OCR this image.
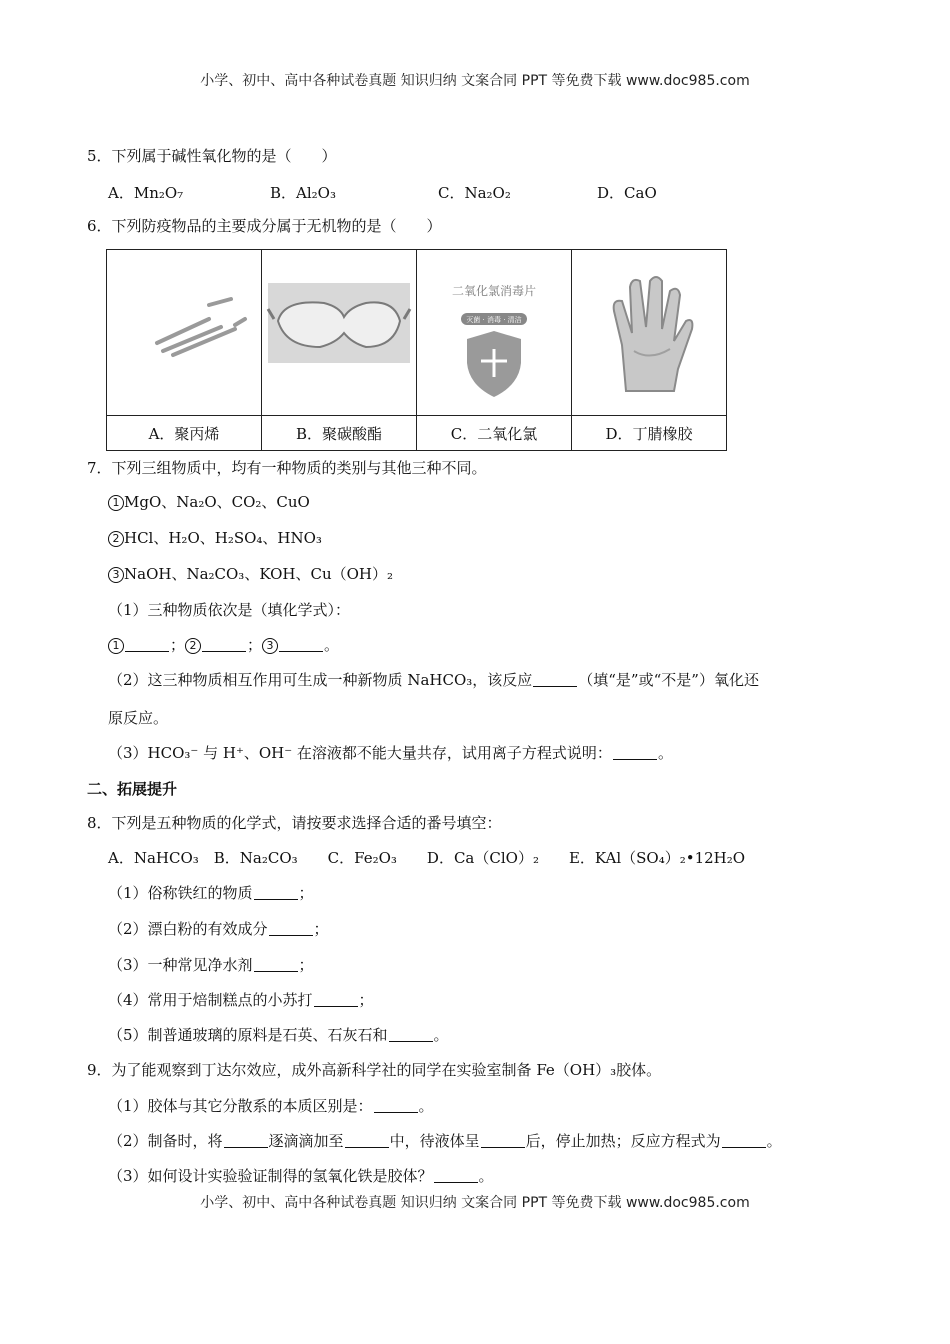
小学、初中、高中各种试卷真题 知识归纳 文案合同 PPT 等免费下载 www.doc985.com
5．下列属于碱性氧化物的是（　　）
A．Mn₂O₇	B．Al₂O₃	C．Na₂O₂	D．CaO
6．下列防疫物品的主要成分属于无机物的是（　　）

二氧化氯消毒片
灭菌 · 消毒 · 清洁

A．聚丙烯	B．聚碳酸酯	C．二氧化氯	D．丁腈橡胶
7．下列三组物质中，均有一种物质的类别与其他三种不同。
1 MgO、Na₂O、CO₂、CuO
2 HCl、H₂O、H₂SO₄、HNO₃
3 NaOH、Na₂CO₃、KOH、Cu（OH）₂
（1）三种物质依次是（填化学式）：
1	； 2	； 3	。
（2）这三种物质相互作用可生成一种新物质 NaHCO₃，该反应	（填“是”或“不是”）氧化还
原反应。
（3）HCO₃⁻ 与 H⁺、OH⁻ 在溶液都不能大量共存，试用离子方程式说明：	。
二、拓展提升
8．下列是五种物质的化学式，请按要求选择合适的番号填空：
A．NaHCO₃　B．Na₂CO₃　　C．Fe₂O₃　　D．Ca（ClO）₂　　E．KAl（SO₄）₂•12H₂O
（1）俗称铁红的物质	；
（2）漂白粉的有效成分	；
（3）一种常见净水剂	；
（4）常用于焙制糕点的小苏打	；
（5）制普通玻璃的原料是石英、石灰石和	。
9．为了能观察到丁达尔效应，成外高新科学社的同学在实验室制备 Fe（OH）₃胶体。
（1）胶体与其它分散系的本质区别是：	。
（2）制备时，将	逐滴滴加至	中，待液体呈	后，停止加热；反应方程式为	。
（3）如何设计实验验证制得的氢氧化铁是胶体？	。
小学、初中、高中各种试卷真题 知识归纳 文案合同 PPT 等免费下载 www.doc985.com
